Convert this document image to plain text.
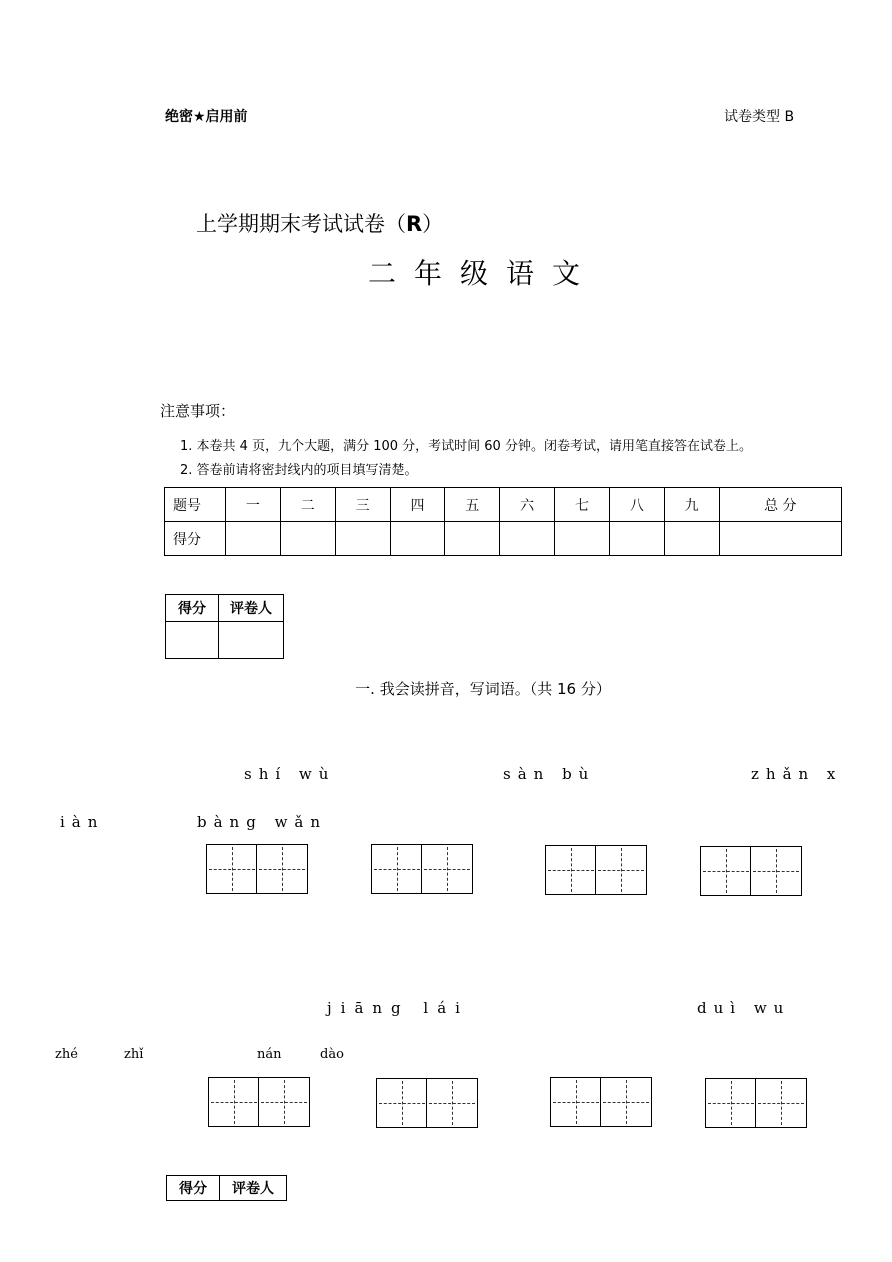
绝密★启用前	试卷类型 B
上学期期末考试试卷（R）
二年级语文
注意事项：
1. 本卷共 4 页，九个大题，满分 100 分，考试时间 60 分钟。闭卷考试，请用笔直接答在试卷上。
2. 答卷前请将密封线内的项目填写清楚。
题号	一	二	三	四	五	六	七	八	九	总 分
得分										
得分	评卷人

一. 我会读拼音，写词语。（共 16 分）
shí wù	sàn bù	zhǎn x
iàn	bàng wǎn
jiāng lái	duì wu
zhé	zhǐ	nán	dào
得分	评卷人
